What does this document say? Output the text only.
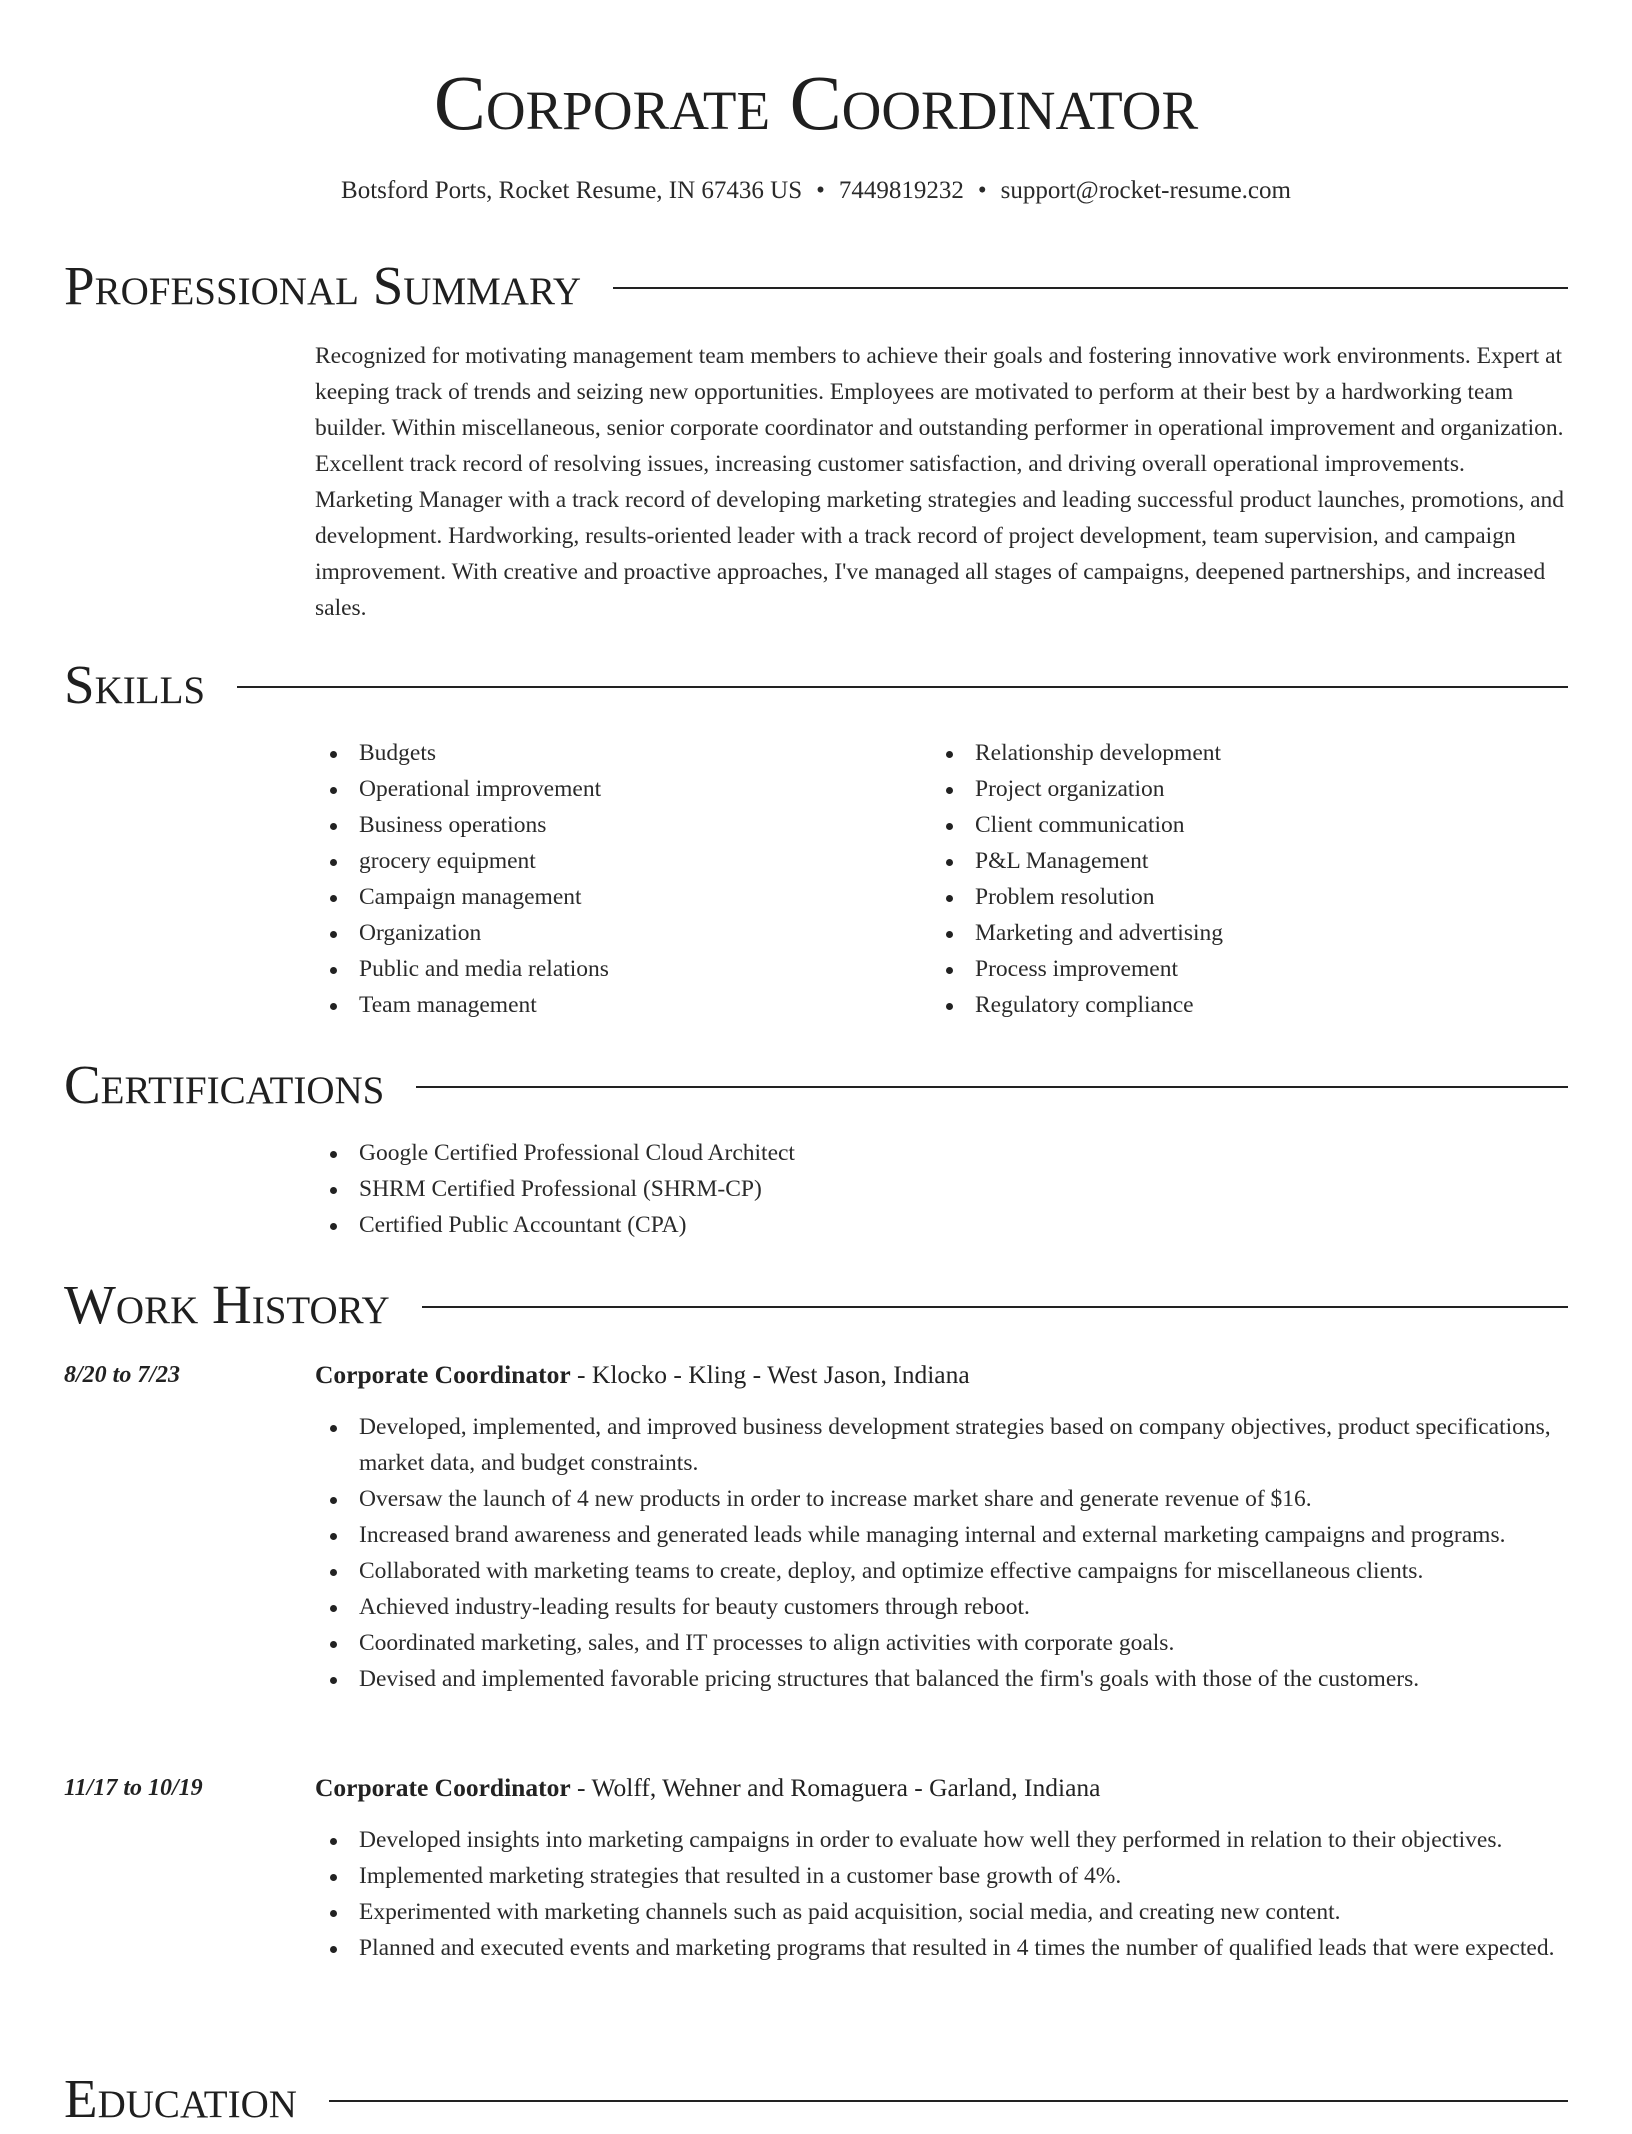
Corporate Coordinator
Botsford Ports, Rocket Resume, IN 67436 US • 7449819232 • support@rocket-resume.com
Professional Summary

Recognized for motivating management team members to achieve their goals and fostering innovative work environments. Expert at keeping track of trends and seizing new opportunities. Employees are motivated to perform at their best by a hardworking team builder. Within miscellaneous, senior corporate coordinator and outstanding performer in operational improvement and organization. Excellent track record of resolving issues, increasing customer satisfaction, and driving overall operational improvements. Marketing Manager with a track record of developing marketing strategies and leading successful product launches, promotions, and development. Hardworking, results-oriented leader with a track record of project development, team supervision, and campaign improvement. With creative and proactive approaches, I've managed all stages of campaigns, deepened partnerships, and increased sales.

Skills
Budgets
Operational improvement
Business operations
grocery equipment
Campaign management
Organization
Public and media relations
Team management
Relationship development
Project organization
Client communication
P&L Management
Problem resolution
Marketing and advertising
Process improvement
Regulatory compliance
Certifications
Google Certified Professional Cloud Architect
SHRM Certified Professional (SHRM-CP)
Certified Public Accountant (CPA)
Work History
8/20 to 7/23	Corporate Coordinator - Klocko - Kling - West Jason, Indiana
Developed, implemented, and improved business development strategies based on company objectives, product specifications, market data, and budget constraints.
Oversaw the launch of 4 new products in order to increase market share and generate revenue of $16.
Increased brand awareness and generated leads while managing internal and external marketing campaigns and programs.
Collaborated with marketing teams to create, deploy, and optimize effective campaigns for miscellaneous clients.
Achieved industry-leading results for beauty customers through reboot.
Coordinated marketing, sales, and IT processes to align activities with corporate goals.
Devised and implemented favorable pricing structures that balanced the firm's goals with those of the customers.
11/17 to 10/19	Corporate Coordinator - Wolff, Wehner and Romaguera - Garland, Indiana
Developed insights into marketing campaigns in order to evaluate how well they performed in relation to their objectives.
Implemented marketing strategies that resulted in a customer base growth of 4%.
Experimented with marketing channels such as paid acquisition, social media, and creating new content.
Planned and executed events and marketing programs that resulted in 4 times the number of qualified leads that were expected.
Education
